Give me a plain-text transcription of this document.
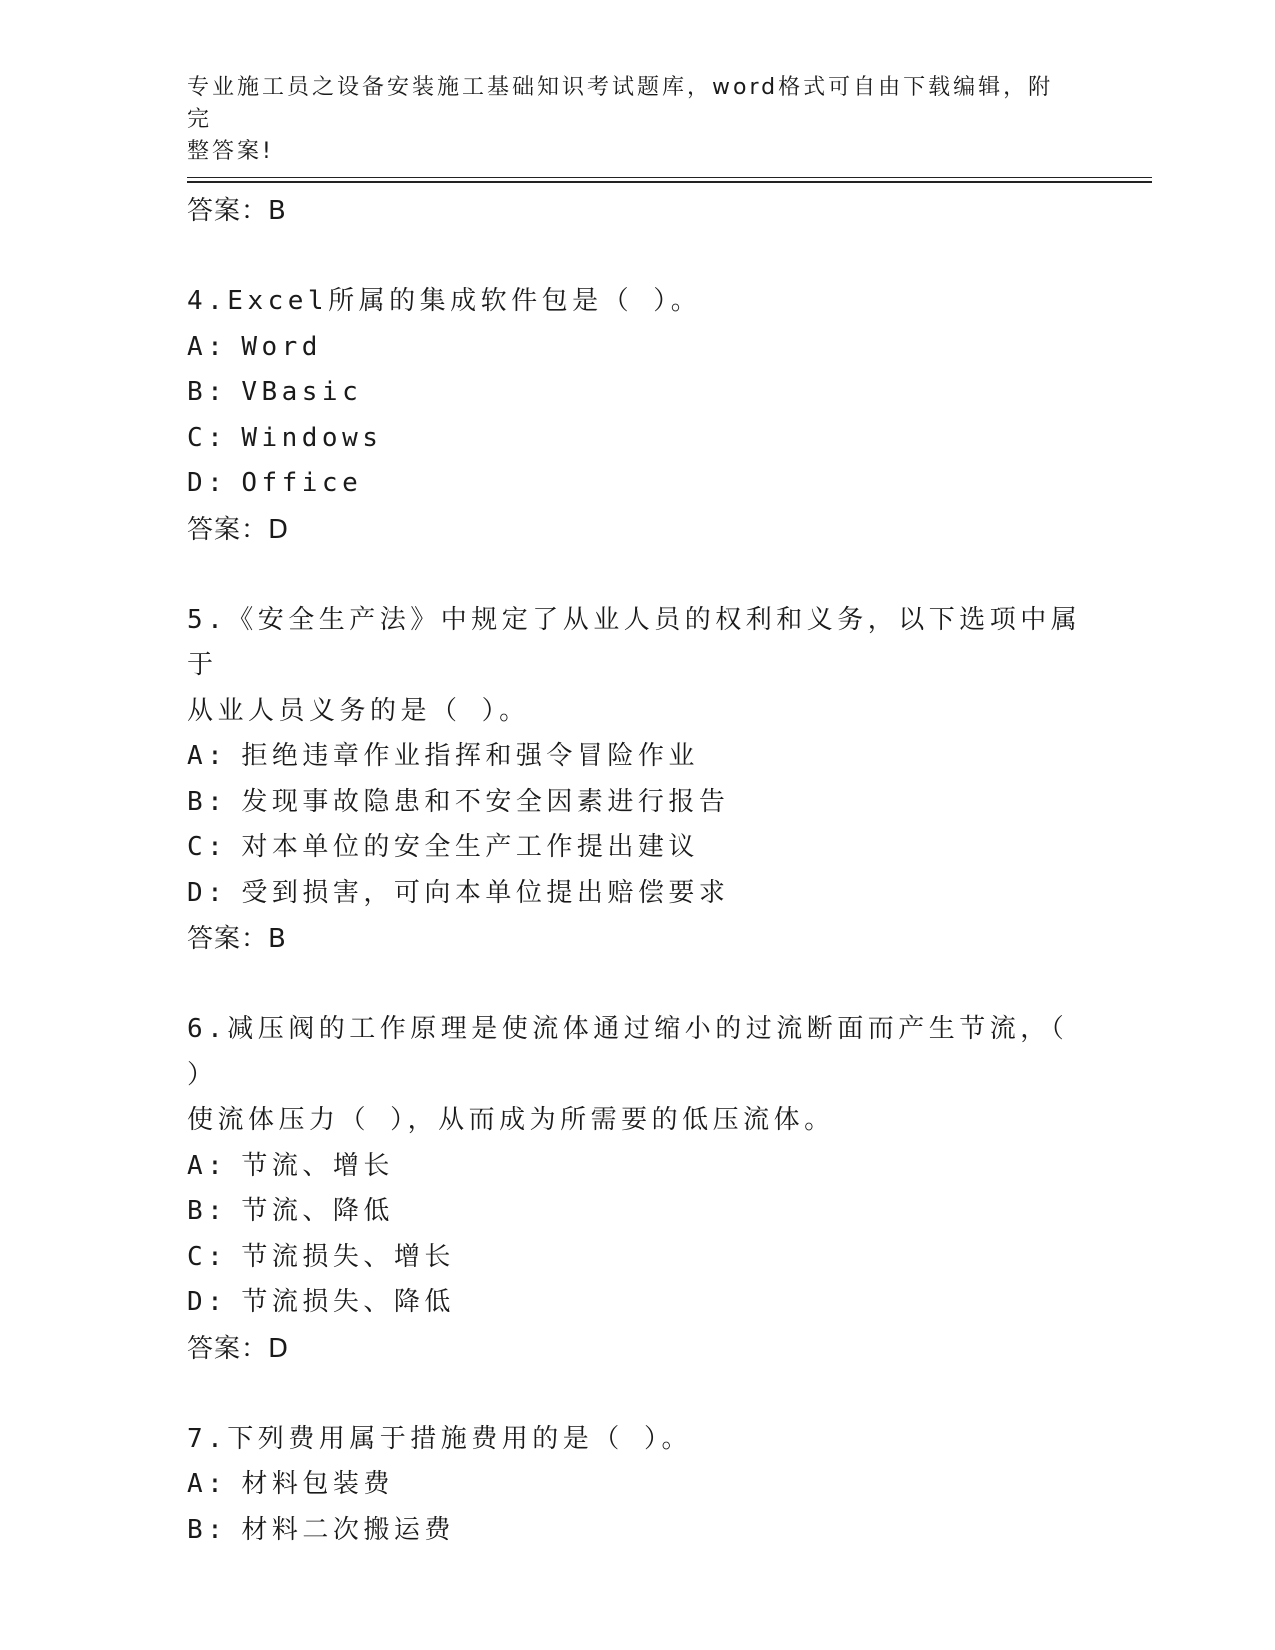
专业施工员之设备安装施工基础知识考试题库，word格式可自由下载编辑，附完
整答案!
答案：B
4.Excel所属的集成软件包是（ ）。
A: Word
B: VBasic
C: Windows
D: Office
答案：D
5.《安全生产法》中规定了从业人员的权利和义务，以下选项中属于
从业人员义务的是（ ）。
A: 拒绝违章作业指挥和强令冒险作业
B: 发现事故隐患和不安全因素进行报告
C: 对本单位的安全生产工作提出建议
D: 受到损害，可向本单位提出赔偿要求
答案：B
6.减压阀的工作原理是使流体通过缩小的过流断面而产生节流，（ ）
使流体压力（ ），从而成为所需要的低压流体。
A: 节流、增长
B: 节流、降低
C: 节流损失、增长
D: 节流损失、降低
答案：D
7.下列费用属于措施费用的是（ ）。
A: 材料包装费
B: 材料二次搬运费
